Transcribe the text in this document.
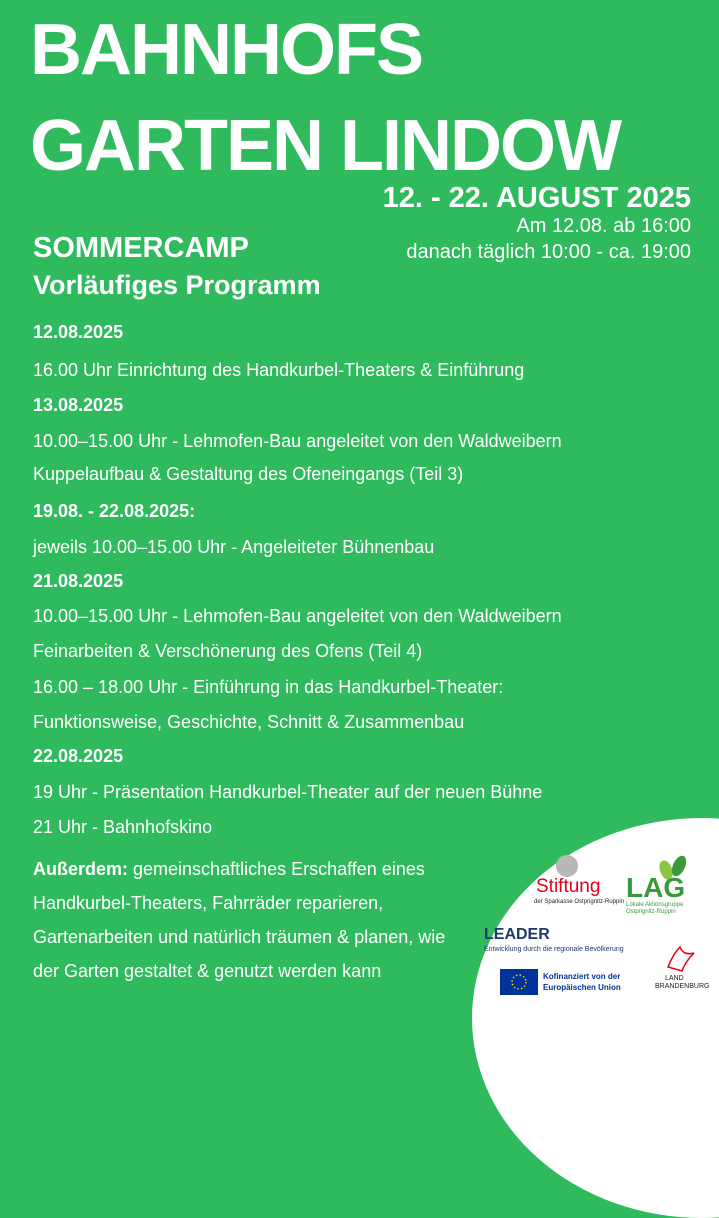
BAHNHOFS
GARTEN LINDOW
12. - 22. AUGUST 2025
Am 12.08. ab 16:00
danach täglich 10:00 - ca. 19:00
SOMMERCAMP
Vorläufiges Programm
12.08.2025
16.00 Uhr Einrichtung des Handkurbel-Theaters & Einführung
13.08.2025
10.00–15.00 Uhr - Lehmofen-Bau angeleitet von den Waldweibern
Kuppelaufbau & Gestaltung des Ofeneingangs (Teil 3)
19.08. - 22.08.2025:
jeweils 10.00–15.00 Uhr - Angeleiteter Bühnenbau
21.08.2025
10.00–15.00 Uhr - Lehmofen-Bau angeleitet von den Waldweibern
Feinarbeiten & Verschönerung des Ofens (Teil 4)
16.00 – 18.00 Uhr - Einführung in das Handkurbel-Theater:
Funktionsweise, Geschichte, Schnitt & Zusammenbau
22.08.2025
19 Uhr - Präsentation Handkurbel-Theater auf der neuen Bühne
21 Uhr - Bahnhofskino
Außerdem: gemeinschaftliches Erschaffen eines Handkurbel-Theaters, Fahrräder reparieren, Gartenarbeiten und natürlich träumen & planen, wie der Garten gestaltet & genutzt werden kann
Stiftung
der Sparkasse Ostprignitz-Ruppin LAG
Lokale Aktionsgruppe
Ostprignitz-Ruppin
LEADER
Entwicklung durch die regionale Bevölkerung
Kofinanziert von der
Europäischen Union
LAND
BRANDENBURG
